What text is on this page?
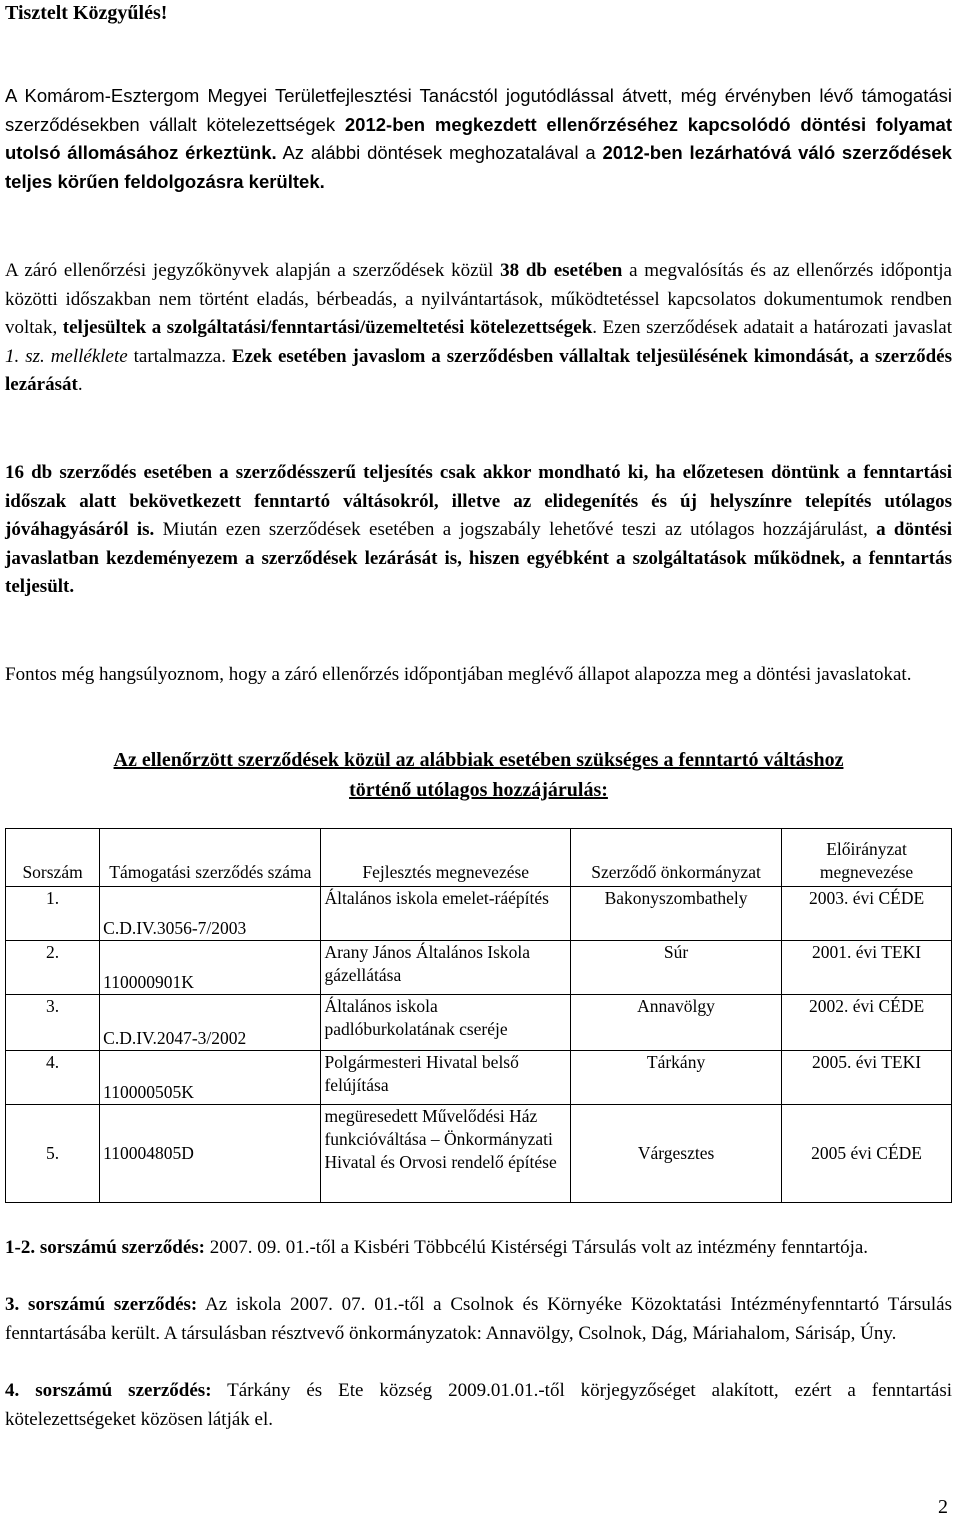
Tisztelt Közgyűlés!
A Komárom-Esztergom Megyei Területfejlesztési Tanácstól jogutódlással átvett, még érvényben lévő támogatási szerződésekben vállalt kötelezettségek 2012-ben megkezdett ellenőrzéséhez kapcsolódó döntési folyamat utolsó állomásához érkeztünk. Az alábbi döntések meghozatalával a 2012-ben lezárhatóvá váló szerződések teljes körűen feldolgozásra kerültek.
A záró ellenőrzési jegyzőkönyvek alapján a szerződések közül 38 db esetében a megvalósítás és az ellenőrzés időpontja közötti időszakban nem történt eladás, bérbeadás, a nyilvántartások, működtetéssel kapcsolatos dokumentumok rendben voltak, teljesültek a szolgáltatási/fenntartási/üzemeltetési kötelezettségek. Ezen szerződések adatait a határozati javaslat 1. sz. melléklete tartalmazza. Ezek esetében javaslom a szerződésben vállaltak teljesülésének kimondását, a szerződés lezárását.
16 db szerződés esetében a szerződésszerű teljesítés csak akkor mondható ki, ha előzetesen döntünk a fenntartási időszak alatt bekövetkezett fenntartó váltásokról, illetve az elidegenítés és új helyszínre telepítés utólagos jóváhagyásáról is. Miután ezen szerződések esetében a jogszabály lehetővé teszi az utólagos hozzájárulást, a döntési javaslatban kezdeményezem a szerződések lezárását is, hiszen egyébként a szolgáltatások működnek, a fenntartás teljesült.
Fontos még hangsúlyoznom, hogy a záró ellenőrzés időpontjában meglévő állapot alapozza meg a döntési javaslatokat.
Az ellenőrzött szerződések közül az alábbiak esetében szükséges a fenntartó váltáshoz
történő utólagos hozzájárulás:
Sorszám	Támogatási szerződés száma	Fejlesztés megnevezése	Szerződő önkormányzat	Előirányzat megnevezése
1.	C.D.IV.3056-7/2003	Általános iskola emelet-ráépítés	Bakonyszombathely	2003. évi CÉDE
2.	110000901K	Arany János Általános Iskola gázellátása	Súr	2001. évi TEKI
3.	C.D.IV.2047-3/2002	Általános iskola padlóburkolatának cseréje	Annavölgy	2002. évi CÉDE
4.	110000505K	Polgármesteri Hivatal belső felújítása	Tárkány	2005. évi TEKI
5.	110004805D	megüresedett Művelődési Ház funkcióváltása – Önkormányzati Hivatal és Orvosi rendelő építése	Várgesztes	2005 évi CÉDE
1-2. sorszámú szerződés: 2007. 09. 01.-től a Kisbéri Többcélú Kistérségi Társulás volt az intézmény fenntartója.
3. sorszámú szerződés: Az iskola 2007. 07. 01.-től a Csolnok és Környéke Közoktatási Intézményfenntartó Társulás fenntartásába került. A társulásban résztvevő önkormányzatok: Annavölgy, Csolnok, Dág, Máriahalom, Sárisáp, Úny.
4. sorszámú szerződés: Tárkány és Ete község 2009.01.01.-től körjegyzőséget alakított, ezért a fenntartási kötelezettségeket közösen látják el.
2
